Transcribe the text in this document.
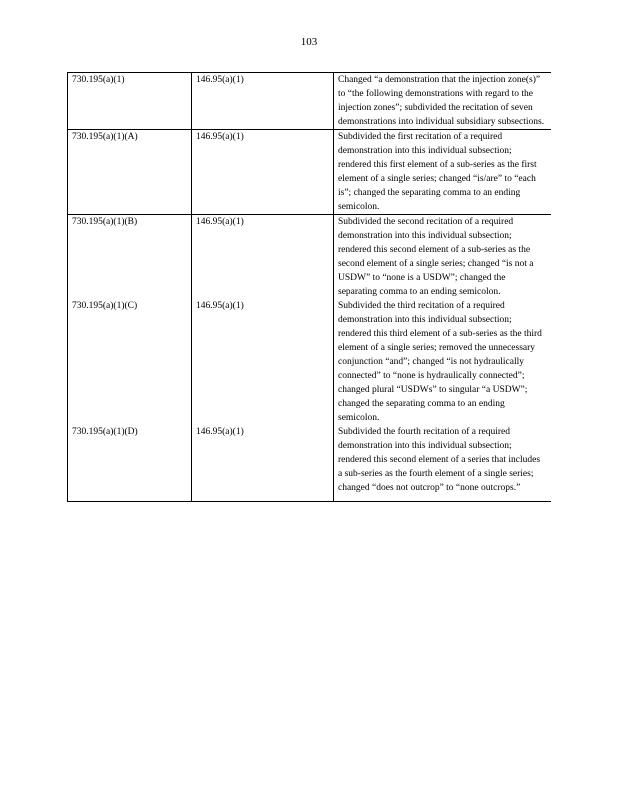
103
730.195(a)(1)	146.95(a)(1)	Changed “a demonstration that the injection zone(s)” to “the following demonstrations with regard to the injection zones”; subdivided the recitation of seven demonstrations into individual subsidiary subsections.
730.195(a)(1)(A)	146.95(a)(1)	Subdivided the first recitation of a required demonstration into this individual subsection; rendered this first element of a sub-series as the first element of a single series; changed “is/are” to “each is”; changed the separating comma to an ending semicolon.
730.195(a)(1)(B)	146.95(a)(1)	Subdivided the second recitation of a required demonstration into this individual subsection; rendered this second element of a sub-series as the second element of a single series; changed “is not a USDW” to “none is a USDW”; changed the separating comma to an ending semicolon.
730.195(a)(1)(C)	146.95(a)(1)	Subdivided the third recitation of a required demonstration into this individual subsection; rendered this third element of a sub-series as the third element of a single series; removed the unnecessary conjunction “and”; changed “is not hydraulically connected” to “none is hydraulically connected”; changed plural “USDWs” to singular “a USDW”; changed the separating comma to an ending semicolon.
730.195(a)(1)(D)	146.95(a)(1)	Subdivided the fourth recitation of a required demonstration into this individual subsection; rendered this second element of a series that includes a sub-series as the fourth element of a single series; changed “does not outcrop” to “none outcrops.”
